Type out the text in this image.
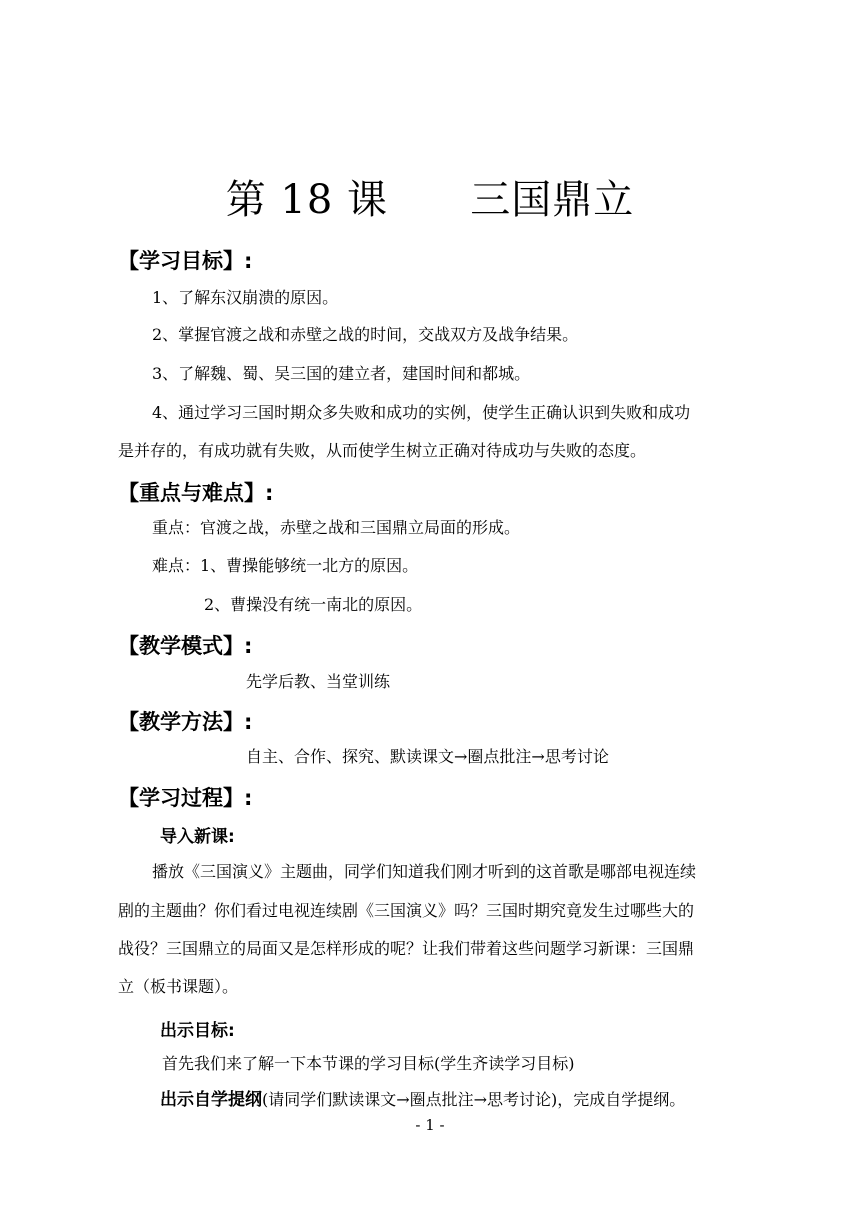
第 18 课      三国鼎立
【学习目标】:
1、了解东汉崩溃的原因。
2、掌握官渡之战和赤壁之战的时间，交战双方及战争结果。
3、了解魏、蜀、吴三国的建立者，建国时间和都城。
4、通过学习三国时期众多失败和成功的实例，使学生正确认识到失败和成功
是并存的，有成功就有失败，从而使学生树立正确对待成功与失败的态度。
【重点与难点】:
重点：官渡之战，赤壁之战和三国鼎立局面的形成。
难点：1、曹操能够统一北方的原因。
2、曹操没有统一南北的原因。
【教学模式】:
先学后教、当堂训练
【教学方法】:
自主、合作、探究、默读课文→圈点批注→思考讨论
【学习过程】:
导入新课:
播放《三国演义》主题曲，同学们知道我们刚才听到的这首歌是哪部电视连续
剧的主题曲？你们看过电视连续剧《三国演义》吗？三国时期究竟发生过哪些大的
战役？三国鼎立的局面又是怎样形成的呢？让我们带着这些问题学习新课：三国鼎
立（板书课题）。
出示目标:
首先我们来了解一下本节课的学习目标(学生齐读学习目标)
出示自学提纲(请同学们默读课文→圈点批注→思考讨论)，完成自学提纲。
- 1 -
